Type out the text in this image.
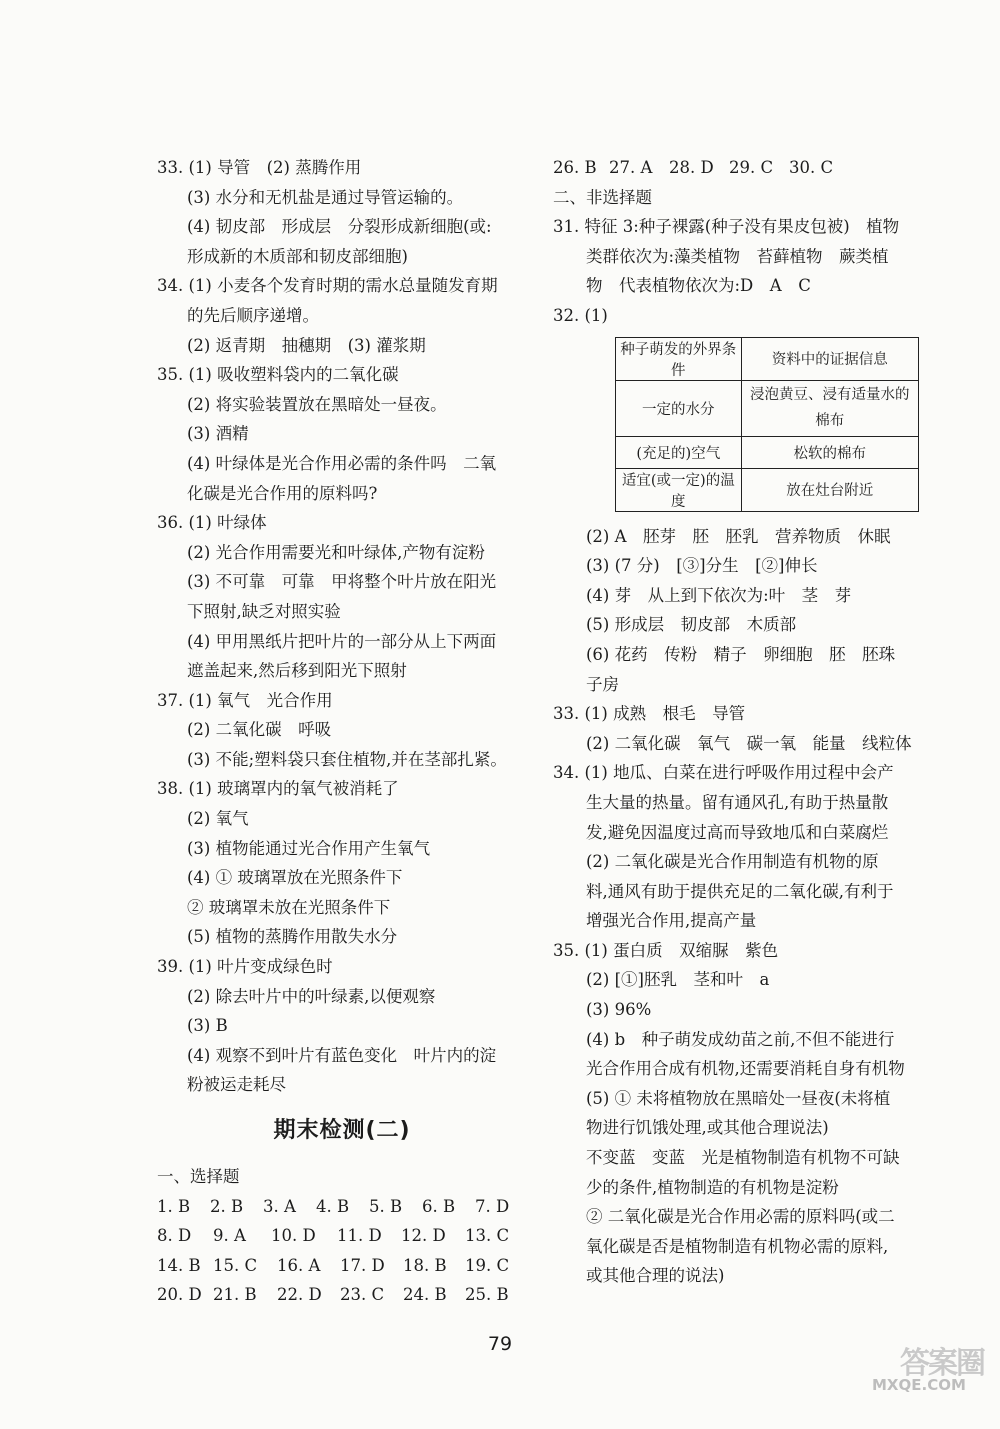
33. (1) 导管　(2) 蒸腾作用
(3) 水分和无机盐是通过导管运输的。
(4) 韧皮部　形成层　分裂形成新细胞(或:
形成新的木质部和韧皮部细胞)
34. (1) 小麦各个发育时期的需水总量随发育期
的先后顺序递增。
(2) 返青期　抽穗期　(3) 灌浆期
35. (1) 吸收塑料袋内的二氧化碳
(2) 将实验装置放在黑暗处一昼夜。
(3) 酒精
(4) 叶绿体是光合作用必需的条件吗　二氧
化碳是光合作用的原料吗?
36. (1) 叶绿体
(2) 光合作用需要光和叶绿体,产物有淀粉
(3) 不可靠　可靠　甲将整个叶片放在阳光
下照射,缺乏对照实验
(4) 甲用黑纸片把叶片的一部分从上下两面
遮盖起来,然后移到阳光下照射
37. (1) 氧气　光合作用
(2) 二氧化碳　呼吸
(3) 不能;塑料袋只套住植物,并在茎部扎紧。
38. (1) 玻璃罩内的氧气被消耗了
(2) 氧气
(3) 植物能通过光合作用产生氧气
(4) ① 玻璃罩放在光照条件下
② 玻璃罩未放在光照条件下
(5) 植物的蒸腾作用散失水分
39. (1) 叶片变成绿色时
(2) 除去叶片中的叶绿素,以便观察
(3) B
(4) 观察不到叶片有蓝色变化　叶片内的淀
粉被运走耗尽
期末检测(二)
一、选择题
1. B	2. B	3. A	4. B	5. B	6. B	7. D
8. D	9. A	10. D	11. D	12. D	13. C
14. B 15. C	16. A	17. D	18. B	19. C
20. D 21. B	22. D	23. C	24. B	25. B
26. B 27. A	28. D 29. C 30. C
二、非选择题
31. 特征 3:种子裸露(种子没有果皮包被)　植物
类群依次为:藻类植物　苔藓植物　蕨类植
物　代表植物依次为:D　A　C
32. (1)
种子萌发的外界条件	资料中的证据信息
一定的水分	浸泡黄豆、浸有适量水的棉布
(充足的)空气	松软的棉布
适宜(或一定)的温度	放在灶台附近
(2) A　胚芽　胚　胚乳　营养物质　休眠
(3) (7 分)　[③]分生　[②]伸长
(4) 芽　从上到下依次为:叶　茎　芽
(5) 形成层　韧皮部　木质部
(6) 花药　传粉　精子　卵细胞　胚　胚珠
子房
33. (1) 成熟　根毛　导管
(2) 二氧化碳　氧气　碳一氧　能量　线粒体
34. (1) 地瓜、白菜在进行呼吸作用过程中会产
生大量的热量。留有通风孔,有助于热量散
发,避免因温度过高而导致地瓜和白菜腐烂
(2) 二氧化碳是光合作用制造有机物的原
料,通风有助于提供充足的二氧化碳,有利于
增强光合作用,提高产量
35. (1) 蛋白质　双缩脲　紫色
(2) [①]胚乳　茎和叶　a
(3) 96%
(4) b　种子萌发成幼苗之前,不但不能进行
光合作用合成有机物,还需要消耗自身有机物
(5) ① 未将植物放在黑暗处一昼夜(未将植
物进行饥饿处理,或其他合理说法)
不变蓝　变蓝　光是植物制造有机物不可缺
少的条件,植物制造的有机物是淀粉
② 二氧化碳是光合作用必需的原料吗(或二
氧化碳是否是植物制造有机物必需的原料,
或其他合理的说法)
79
答案圈
MXQE.COM
